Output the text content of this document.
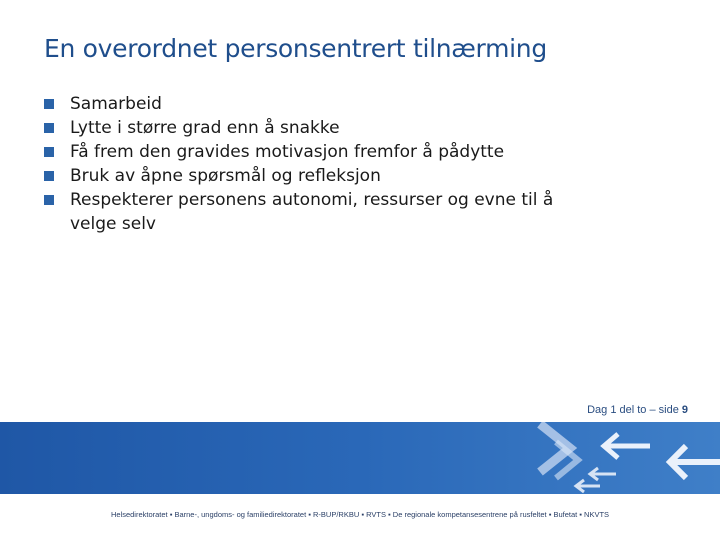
En overordnet personsentrert tilnærming
Samarbeid
Lytte i større grad enn å snakke
Få frem den gravides motivasjon fremfor å pådytte
Bruk av åpne spørsmål og refleksjon
Respekterer personens autonomi, ressurser og evne til å velge selv
Dag 1 del to – side 9
Helsedirektoratet ▪ Barne-, ungdoms- og familiedirektoratet ▪ R-BUP/RKBU ▪ RVTS ▪ De regionale kompetansesentrene på rusfeltet ▪ Bufetat ▪ NKVTS
